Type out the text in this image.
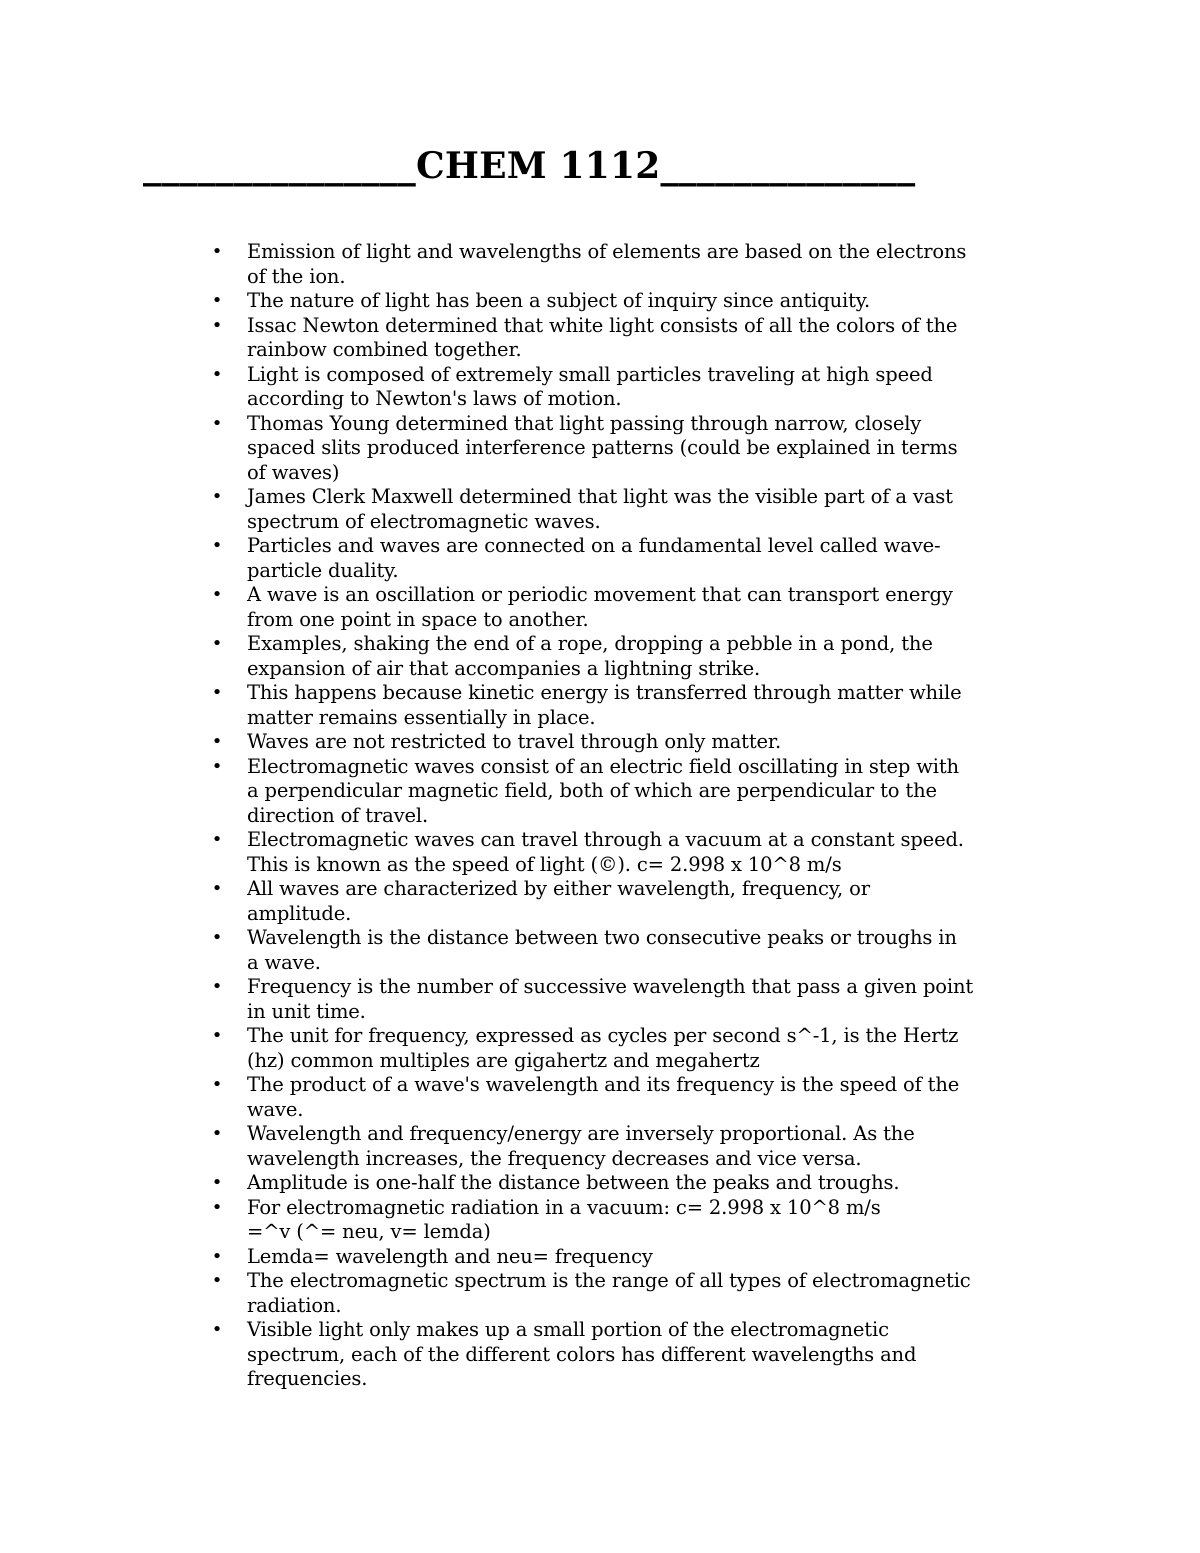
_______________CHEM 1112______________
• Emission of light and wavelengths of elements are based on the electrons
of the ion.
• The nature of light has been a subject of inquiry since antiquity.
• Issac Newton determined that white light consists of all the colors of the
rainbow combined together.
• Light is composed of extremely small particles traveling at high speed
according to Newton's laws of motion.
• Thomas Young determined that light passing through narrow, closely
spaced slits produced interference patterns (could be explained in terms
of waves)
• James Clerk Maxwell determined that light was the visible part of a vast
spectrum of electromagnetic waves.
• Particles and waves are connected on a fundamental level called wave-
particle duality.
• A wave is an oscillation or periodic movement that can transport energy
from one point in space to another.
• Examples, shaking the end of a rope, dropping a pebble in a pond, the
expansion of air that accompanies a lightning strike.
• This happens because kinetic energy is transferred through matter while
matter remains essentially in place.
• Waves are not restricted to travel through only matter.
• Electromagnetic waves consist of an electric field oscillating in step with
a perpendicular magnetic field, both of which are perpendicular to the
direction of travel.
• Electromagnetic waves can travel through a vacuum at a constant speed.
This is known as the speed of light (©). c= 2.998 x 10^8 m/s
• All waves are characterized by either wavelength, frequency, or
amplitude.
• Wavelength is the distance between two consecutive peaks or troughs in
a wave.
• Frequency is the number of successive wavelength that pass a given point
in unit time.
• The unit for frequency, expressed as cycles per second s^-1, is the Hertz
(hz) common multiples are gigahertz and megahertz
• The product of a wave's wavelength and its frequency is the speed of the
wave.
• Wavelength and frequency/energy are inversely proportional. As the
wavelength increases, the frequency decreases and vice versa.
• Amplitude is one-half the distance between the peaks and troughs.
• For electromagnetic radiation in a vacuum: c= 2.998 x 10^8 m/s
=^v (^= neu, v= lemda)
• Lemda= wavelength and neu= frequency
• The electromagnetic spectrum is the range of all types of electromagnetic
radiation.
• Visible light only makes up a small portion of the electromagnetic
spectrum, each of the different colors has different wavelengths and
frequencies.
